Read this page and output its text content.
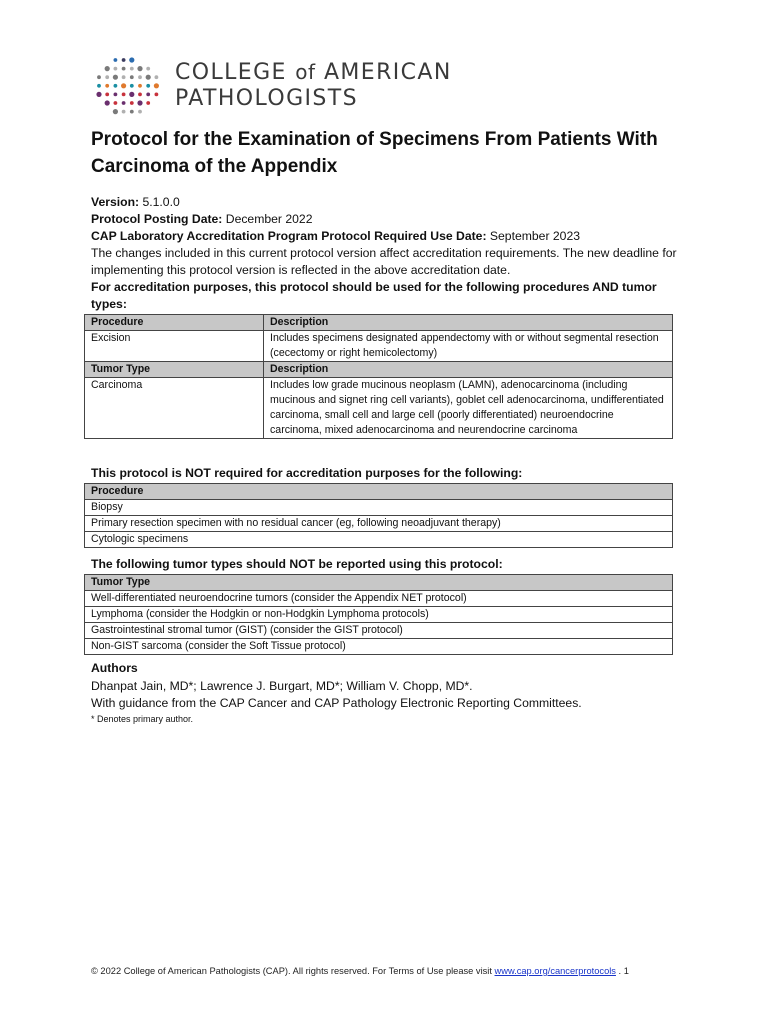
COLLEGE of AMERICAN
PATHOLOGISTS
Protocol for the Examination of Specimens From Patients With Carcinoma of the Appendix

Version: 5.1.0.0

Protocol Posting Date: December 2022

CAP Laboratory Accreditation Program Protocol Required Use Date: September 2023

The changes included in this current protocol version affect accreditation requirements. The new deadline for implementing this protocol version is reflected in the above accreditation date.

For accreditation purposes, this protocol should be used for the following procedures AND tumor types:

Procedure	Description
Excision	Includes specimens designated appendectomy with or without segmental resection (cecectomy or right hemicolectomy)
Tumor Type	Description
Carcinoma	Includes low grade mucinous neoplasm (LAMN), adenocarcinoma (including mucinous and signet ring cell variants), goblet cell adenocarcinoma, undifferentiated carcinoma, small cell and large cell (poorly differentiated) neuroendocrine carcinoma, mixed adenocarcinoma and neurendocrine carcinoma
This protocol is NOT required for accreditation purposes for the following:
Procedure
Biopsy
Primary resection specimen with no residual cancer (eg, following neoadjuvant therapy)
Cytologic specimens
The following tumor types should NOT be reported using this protocol:
Tumor Type
Well-differentiated neuroendocrine tumors (consider the Appendix NET protocol)
Lymphoma (consider the Hodgkin or non-Hodgkin Lymphoma protocols)
Gastrointestinal stromal tumor (GIST) (consider the GIST protocol)
Non-GIST sarcoma (consider the Soft Tissue protocol)
Authors

Dhanpat Jain, MD*; Lawrence J. Burgart, MD*; William V. Chopp, MD*.

With guidance from the CAP Cancer and CAP Pathology Electronic Reporting Committees.

* Denotes primary author.
© 2022 College of American Pathologists (CAP). All rights reserved. For Terms of Use please visit www.cap.org/cancerprotocols . 1
